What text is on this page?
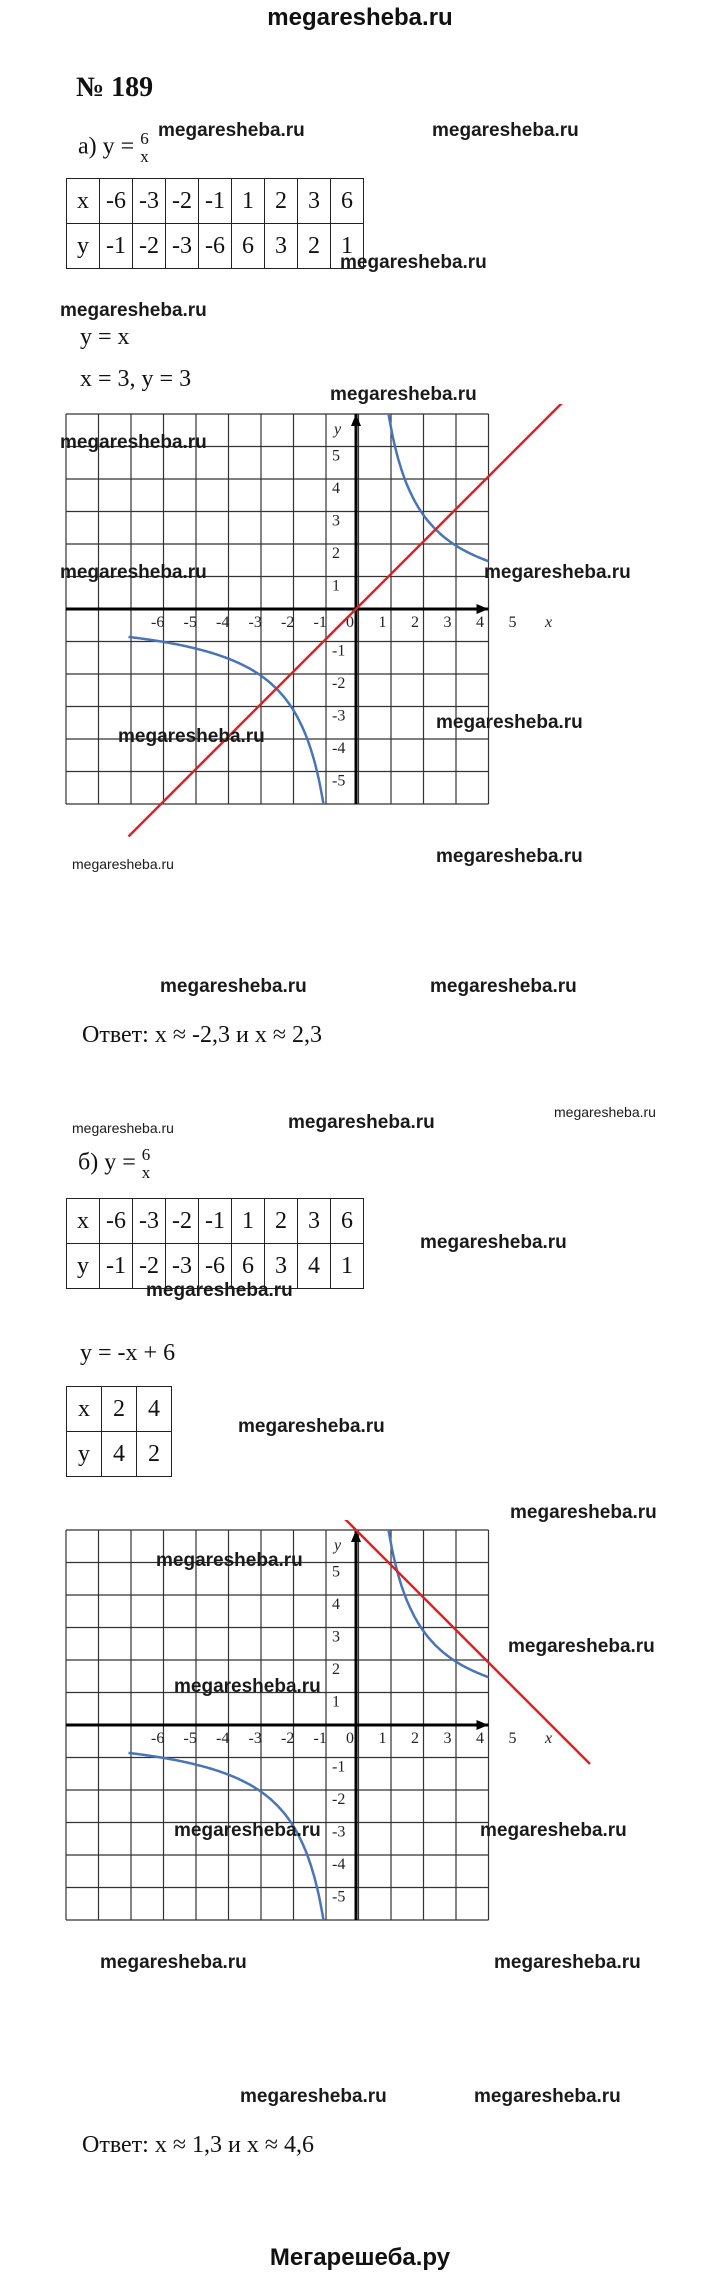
megaresheba.ru
№ 189
а) y = 6
x
x	-6	-3	-2	-1	1	2	3	6
y	-1	-2	-3	-6	6	3	2	1
megaresheba.ru	megaresheba.ru
megaresheba.ru
megaresheba.ru
y = x
x = 3, y = 3
megaresheba.ru
-6 -5 -4 -3 -2 -1 0 1 2 3 4 5 x
5
4
3
2
1
-1
-2
-3
-4
-5
y
megaresheba.ru
megaresheba.ru	megaresheba.ru
megaresheba.ru
megaresheba.ru
megaresheba.ru	megaresheba.ru
megaresheba.ru	megaresheba.ru
Ответ: x ≈ -2,3 и x ≈ 2,3
megaresheba.ru	megaresheba.ru	megaresheba.ru
б) y = 6
x
x	-6	-3	-2	-1	1	2	3	6
y	-1	-2	-3	-6	6	3	4	1
megaresheba.ru
megaresheba.ru
y = -x + 6
x	2	4
y	4	2
megaresheba.ru
megaresheba.ru
-6 -5 -4 -3 -2 -1 0 1 2 3 4 5 x
5
4
3
2
1
-1
-2
-3
-4
-5
y
megaresheba.ru
megaresheba.ru
megaresheba.ru
megaresheba.ru	megaresheba.ru
megaresheba.ru	megaresheba.ru
megaresheba.ru	megaresheba.ru
Ответ: x ≈ 1,3 и x ≈ 4,6
Мегарешеба.ру
